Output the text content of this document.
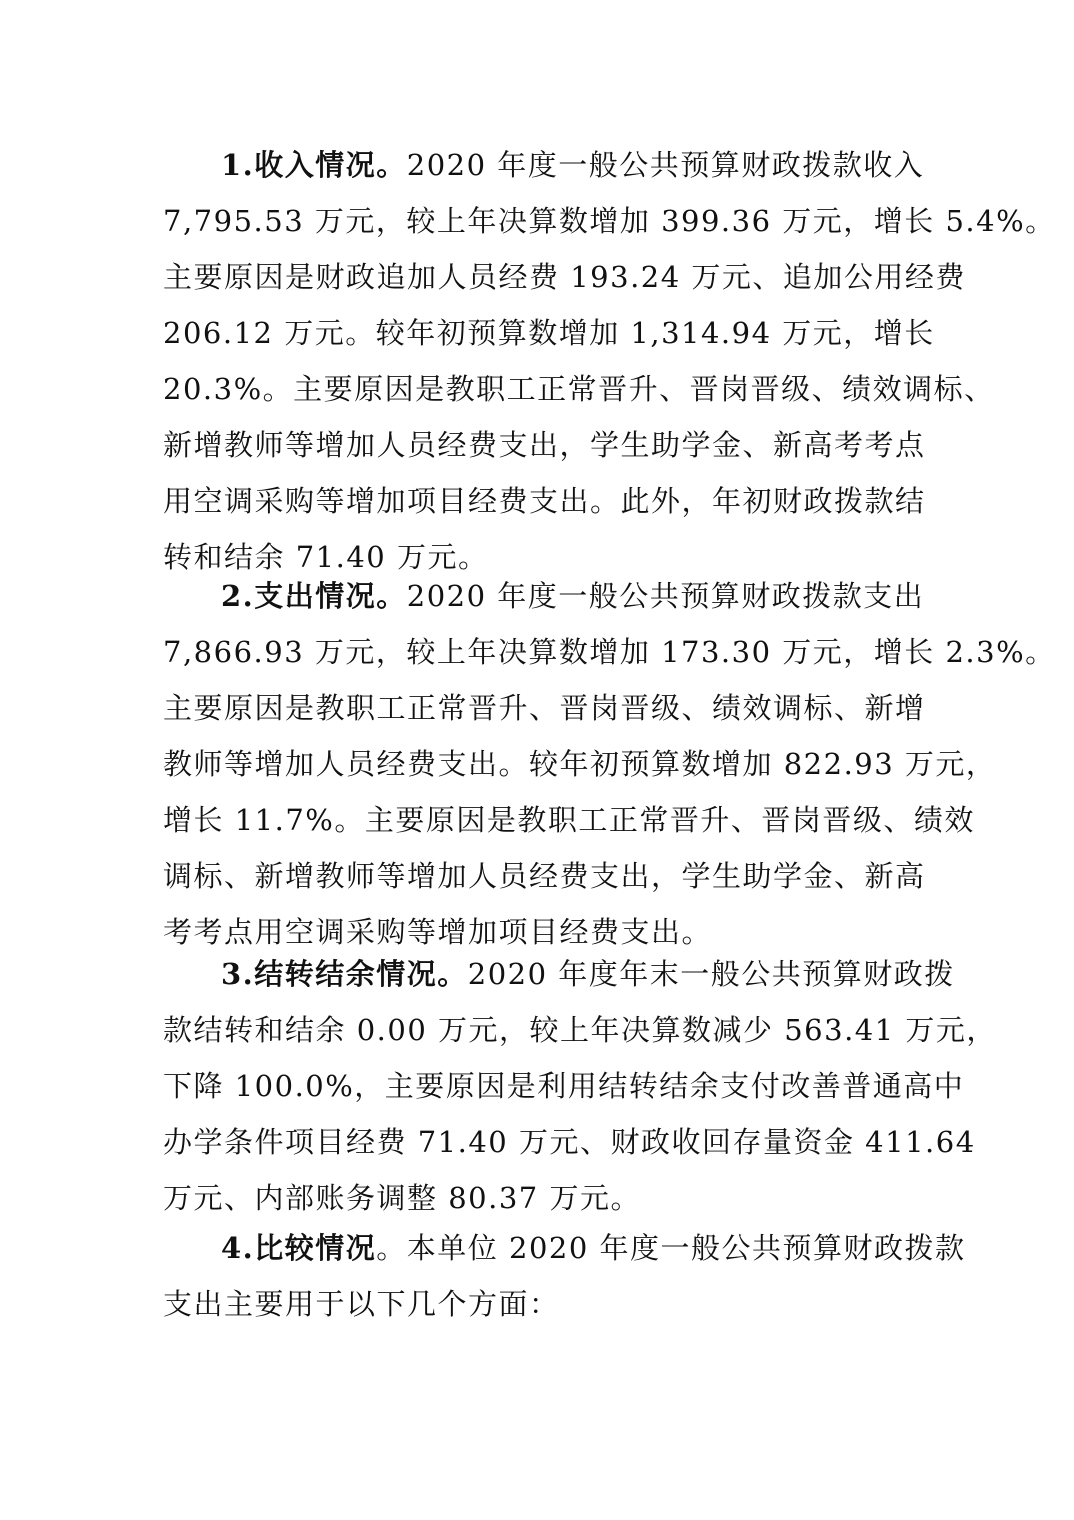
1.收入情况。2020 年度一般公共预算财政拨款收入
7,795.53 万元，较上年决算数增加 399.36 万元，增长 5.4%。
主要原因是财政追加人员经费 193.24 万元、追加公用经费
206.12 万元。较年初预算数增加 1,314.94 万元，增长
20.3%。主要原因是教职工正常晋升、晋岗晋级、绩效调标、
新增教师等增加人员经费支出，学生助学金、新高考考点
用空调采购等增加项目经费支出。此外，年初财政拨款结
转和结余 71.40 万元。
2.支出情况。2020 年度一般公共预算财政拨款支出
7,866.93 万元，较上年决算数增加 173.30 万元，增长 2.3%。
主要原因是教职工正常晋升、晋岗晋级、绩效调标、新增
教师等增加人员经费支出。较年初预算数增加 822.93 万元，
增长 11.7%。主要原因是教职工正常晋升、晋岗晋级、绩效
调标、新增教师等增加人员经费支出，学生助学金、新高
考考点用空调采购等增加项目经费支出。
3.结转结余情况。2020 年度年末一般公共预算财政拨
款结转和结余 0.00 万元，较上年决算数减少 563.41 万元，
下降 100.0%，主要原因是利用结转结余支付改善普通高中
办学条件项目经费 71.40 万元、财政收回存量资金 411.64
万元、内部账务调整 80.37 万元。
4.比较情况。本单位 2020 年度一般公共预算财政拨款
支出主要用于以下几个方面：
